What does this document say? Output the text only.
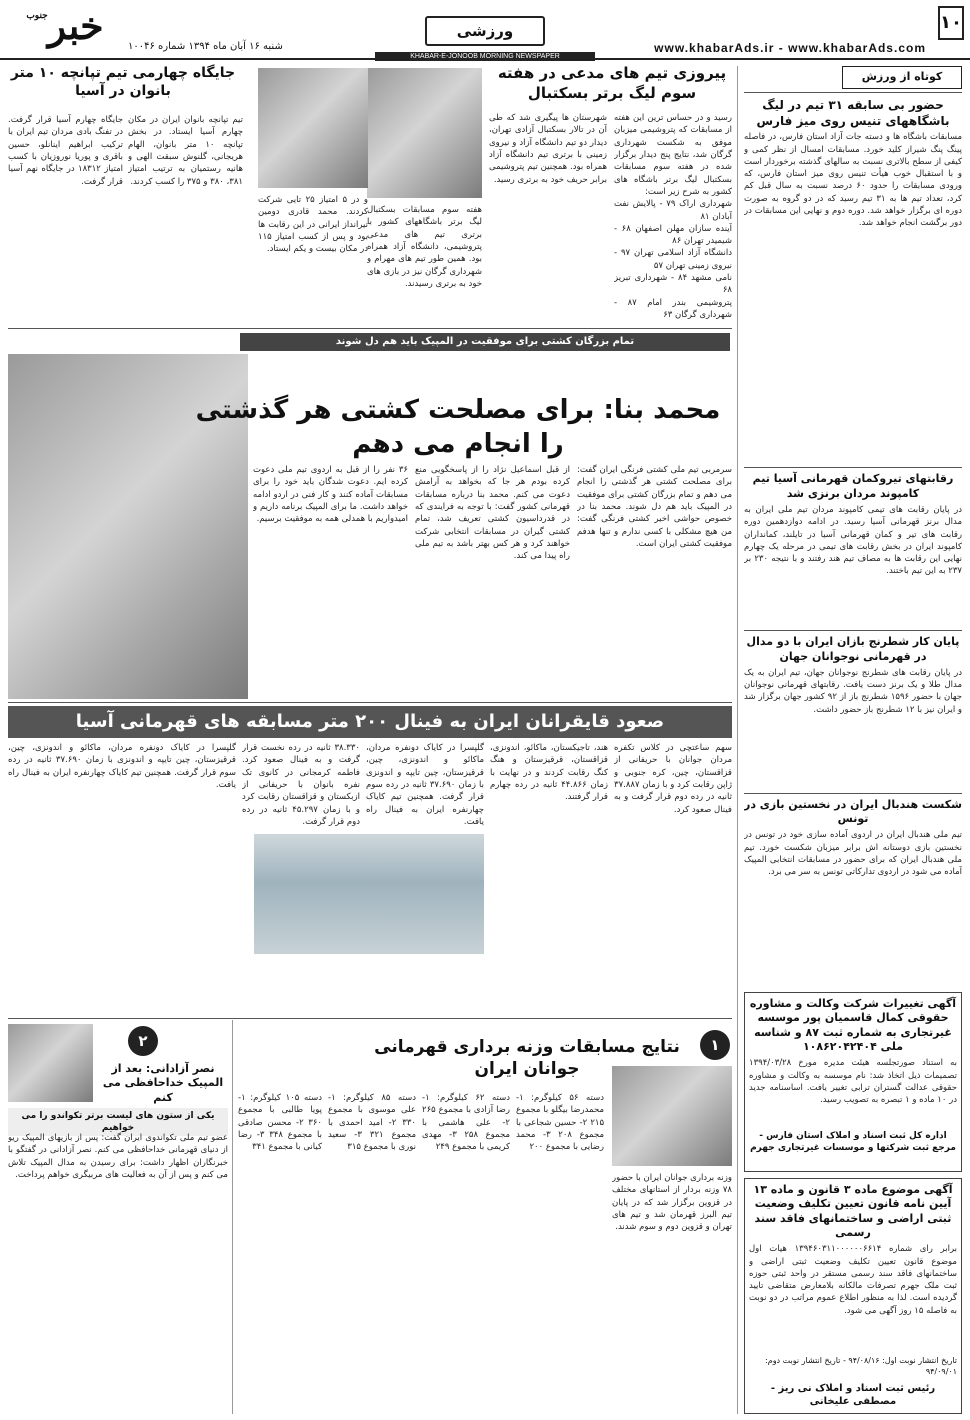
۱۰
www.khabarAds.ir - www.khabarAds.com
ورزشی
خبر
جنوب
شنبه ۱۶ آبان ماه ۱۳۹۴ شماره ۱۰۰۴۶
KHABAR-E-JONOOB MORNING NEWSPAPER
کوتاه از ورزش
حضور بی سابقه ۳۱ تیم در لیگ باشگاههای تنیس روی میز فارس
مسابقات باشگاه ها و دسته جات آزاد استان فارس، در فاصله پینگ پنگ شیراز کلید خورد. مسابقات امسال از نظر کمی و کیفی از سطح بالاتری نسبت به سالهای گذشته برخوردار است و با استقبال خوب هیأت تنیس روی میز استان فارس، که ورودی مسابقات را حدود ۶۰ درصد نسبت به سال قبل کم کرد، تعداد تیم ها به ۳۱ تیم رسید که در دو گروه به صورت دوره ای برگزار خواهد شد. دوره دوم و نهایی این مسابقات در دور برگشت انجام خواهد شد.
رقابتهای تیروکمان قهرمانی آسیا تیم کامپوند مردان برنزی شد
در پایان رقابت های تیمی کامپوند مردان تیم ملی ایران به مدال برنز قهرمانی آسیا رسید. در ادامه دوازدهمین دوره رقابت های تیر و کمان قهرمانی آسیا در تایلند، کمانداران کامپوند ایران در بخش رقابت های تیمی در مرحله یک چهارم نهایی این رقابت ها به مصاف تیم هند رفتند و با نتیجه ۲۳۰ بر ۲۳۷ به این تیم باختند.
پایان کار شطرنج بازان ایران با دو مدال در قهرمانی نوجوانان جهان
در پایان رقابت های شطرنج نوجوانان جهان، تیم ایران به یک مدال طلا و یک برنز دست یافت. رقابتهای قهرمانی نوجوانان جهان با حضور ۱۵۹۶ شطرنج باز از ۹۲ کشور جهان برگزار شد و ایران نیز با ۱۲ شطرنج باز حضور داشت.
شکست هندبال ایران در نخستین بازی در تونس
تیم ملی هندبال ایران در اردوی آماده سازی خود در تونس در نخستین بازی دوستانه اش برابر میزبان شکست خورد. تیم ملی هندبال ایران که برای حضور در مسابقات انتخابی المپیک آماده می شود در اردوی تدارکاتی تونس به سر می برد.
آگهی تغییرات شرکت وکالت و مشاوره حقوقی کمال قاسمیان پور موسسه غیرتجاری به شماره ثبت ۸۷ و شناسه ملی ۱۰۸۶۲۰۴۲۴۰۴
به استناد صورتجلسه هیئت مدیره مورخ ۱۳۹۴/۰۳/۲۸ تصمیمات ذیل اتخاذ شد: نام موسسه به وکالت و مشاوره حقوقی عدالت گستران ترابی تغییر یافت. اساسنامه جدید در ۱۰ ماده و ۱ تبصره به تصویب رسید.
اداره کل ثبت اسناد و املاک استان فارس - مرجع ثبت شرکتها و موسسات غیرتجاری جهرم
آگهی موضوع ماده ۳ قانون و ماده ۱۳ آیین نامه قانون تعیین تکلیف وضعیت ثبتی اراضی و ساختمانهای فاقد سند رسمی
برابر رای شماره ۱۳۹۴۶۰۳۱۱۰۰۰۰۰۰۶۶۱۴ هیات اول موضوع قانون تعیین تکلیف وضعیت ثبتی اراضی و ساختمانهای فاقد سند رسمی مستقر در واحد ثبتی حوزه ثبت ملک جهرم تصرفات مالکانه بلامعارض متقاضی تایید گردیده است. لذا به منظور اطلاع عموم مراتب در دو نوبت به فاصله ۱۵ روز آگهی می شود.
تاریخ انتشار نوبت اول: ۹۴/۰۸/۱۶ - تاریخ انتشار نوبت دوم: ۹۴/۰۹/۰۱
رئیس ثبت اسناد و املاک نی ریز - مصطفی علیخانی
پیروزی تیم های مدعی در هفته سوم لیگ برتر بسکتبال
هفته سوم مسابقات بسکتبال لیگ برتر باشگاههای کشور با برتری تیم های مدعی پتروشیمی، دانشگاه آزاد همراه بود. همین طور تیم های مهرام و شهرداری گرگان نیز در بازی های خود به برتری رسیدند.
شهرستان ها پیگیری شد که طی آن در تالار بسکتبال آزادی تهران، دیدار دو تیم دانشگاه آزاد و نیروی زمینی با برتری تیم دانشگاه آزاد همراه بود. همچنین تیم پتروشیمی برابر حریف خود به برتری رسید.
رسید و در حساس ترین این هفته از مسابقات که پتروشیمی میزبان موفق به شکست شهرداری گرگان شد، نتایج پنج دیدار برگزار شده در هفته سوم مسابقات بسکتبال لیگ برتر باشگاه های کشور به شرح زیر است:
شهرداری اراک ۷۹ - پالایش نفت آبادان ۸۱
آینده سازان مهلن اصفهان ۶۸ - شیمیدر تهران ۸۶
دانشگاه آزاد اسلامی تهران ۹۷ - نیروی زمینی تهران ۵۷
نامی مشهد ۸۴ - شهرداری تبریز ۶۸
پتروشیمی بندر امام ۸۷ - شهرداری گرگان ۶۳
جایگاه چهارمی تیم تپانچه ۱۰ متر بانوان در آسیا
تیم تپانچه بانوان ایران در مکان چهارم آسیا ایستاد. در بخش تپانچه ۱۰ متر بانوان، الهام هریجانی، گلنوش سبقت الهی و هانیه رستمیان به ترتیب امتیاز ۳۸۱، ۳۸۰ و ۳۷۵ را کسب کردند.
جایگاه چهارم آسیا قرار گرفت. در تفنگ بادی مردان تیم ایران با ترکیب ابراهیم اینانلو، حسین باقری و پوریا نوروزیان با کسب امتیاز ۱۸۳۱۲ در جایگاه نهم آسیا قرار گرفت.
و در ۵ امتیاز ۲۵ تایی شرکت کردند. محمد قادری دومین تیرانداز ایرانی در این رقابت ها بود و پس از کسب امتیاز ۱۱۵ در مکان بیست و یکم ایستاد.
تمام بزرگان کشتی برای موفقیت در المپیک باید هم دل شوند
محمد بنا: برای مصلحت کشتی هر گذشتی را انجام می دهم
سرمربی تیم ملی کشتی فرنگی ایران گفت: برای مصلحت کشتی هر گذشتی را انجام می دهم و تمام بزرگان کشتی برای موفقیت در المپیک باید هم دل شوند. محمد بنا در خصوص حواشی اخیر کشتی فرنگی گفت: من هیچ مشکلی با کسی ندارم و تنها هدفم موفقیت کشتی ایران است.
از قبل اسماعیل نژاد را از پاسخگویی منع کرده بودم هر جا که بخواهد به آرامش دعوت می کنم. محمد بنا درباره مسابقات قهرمانی کشور گفت: با توجه به فرایندی که در قدرداسیون کشتی تعریف شد، تمام کشتی گیران در مسابقات انتخابی شرکت خواهند کرد و هر کس بهتر باشد به تیم ملی راه پیدا می کند.
۳۶ نفر را از قبل به اردوی تیم ملی دعوت کرده ایم. دعوت شدگان باید خود را برای مسابقات آماده کنند و کار فنی در اردو ادامه خواهد داشت. ما برای المپیک برنامه داریم و امیدواریم با همدلی همه به موفقیت برسیم.
صعود قایقرانان ایران به فینال ۲۰۰ متر مسابقه های قهرمانی آسیا
سهم ساعتچی در کلاس تکفره مردان جوانان با حریفانی از قزاقستان، چین، کره جنوبی و ژاپن رقابت کرد و با زمان ۳۷.۸۸۷ ثانیه در رده دوم قرار گرفت و به فینال صعود کرد.
هند، تاجیکستان، ماکائو، اندونزی، قزاقستان، قرقیزستان و هنگ کنگ رقابت کردند و در نهایت با زمان ۴۴.۸۶۶ ثانیه در رده چهارم قرار گرفتند.
گلپسرا در کایاک دونفره مردان، ماکائو و اندونزی، چین، قرقیزستان، چین تایپه و اندونزی با زمان ۳۷.۶۹۰ ثانیه در رده سوم قرار گرفت. همچنین تیم کایاک چهارنفره ایران به فینال راه یافت.
۳۸.۳۳۰ ثانیه در رده نخست قرار گرفت و به فینال صعود کرد. فاطمه کرمجانی در کانوی تک نفره بانوان با حریفانی از ازبکستان و قزاقستان رقابت کرد و با زمان ۴۵.۲۹۷ ثانیه در رده دوم قرار گرفت.
گلپسرا در کایاک دونفره مردان، ماکائو و اندونزی، چین، قرقیزستان، چین تایپه و اندونزی با زمان ۳۷.۶۹۰ ثانیه در رده سوم قرار گرفت. همچنین تیم کایاک چهارنفره ایران به فینال راه یافت.
۱
نتایج مسابقات وزنه برداری قهرمانی جوانان ایران
وزنه برداری جوانان ایران با حضور ۷۸ وزنه بردار از استانهای مختلف در قزوین برگزار شد که در پایان تیم البرز قهرمان شد و تیم های تهران و قزوین دوم و سوم شدند.
دسته ۵۶ کیلوگرم: ۱- محمدرضا بیگلو با مجموع ۲۱۵ ۲- حسین شجاعی با مجموع ۲۰۸ ۳- محمد رضایی با مجموع ۲۰۰
دسته ۶۲ کیلوگرم: ۱- رضا آزادی با مجموع ۲۶۵ ۲- علی هاشمی با مجموع ۲۵۸ ۳- مهدی کریمی با مجموع ۲۴۹
دسته ۸۵ کیلوگرم: ۱- علی موسوی با مجموع ۳۳۰ ۲- امید احمدی با مجموع ۳۲۱ ۳- سعید نوری با مجموع ۳۱۵
دسته ۱۰۵ کیلوگرم: ۱- پویا طالبی با مجموع ۳۶۰ ۲- محسن صادقی با مجموع ۳۴۸ ۳- رضا کیانی با مجموع ۳۴۱
۲
نصر آزادانی: بعد از المپیک خداحافظی می کنم
یکی از ستون های لیست برتر تکواندو را می خواهیم
عضو تیم ملی تکواندوی ایران گفت: پس از بازیهای المپیک ریو از دنیای قهرمانی خداحافظی می کنم. نصر آزادانی در گفتگو با خبرنگاران اظهار داشت: برای رسیدن به مدال المپیک تلاش می کنم و پس از آن به فعالیت های مربیگری خواهم پرداخت.
